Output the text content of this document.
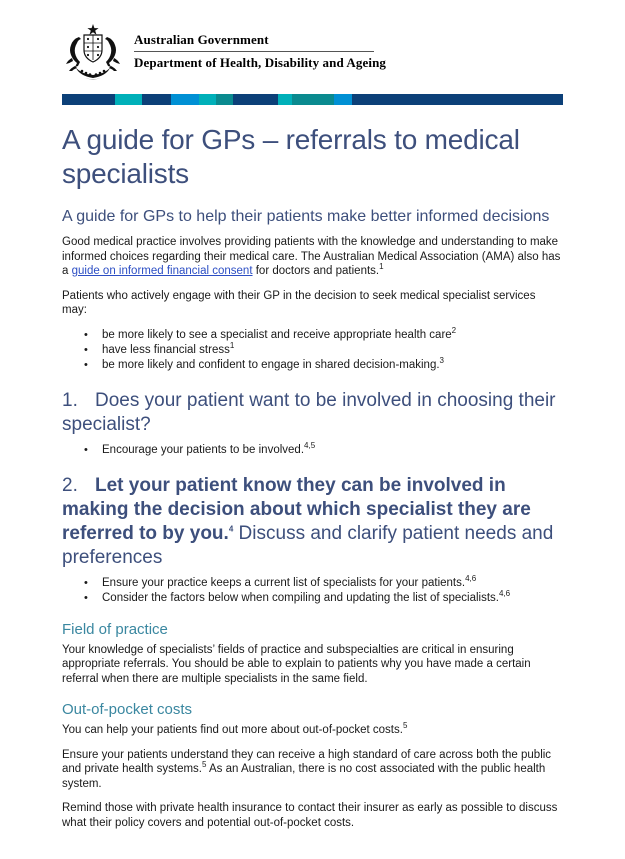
Australian Government
Department of Health, Disability and Ageing
A guide for GPs – referrals to medical specialists
A guide for GPs to help their patients make better informed decisions

Good medical practice involves providing patients with the knowledge and understanding to make informed choices regarding their medical care. The Australian Medical Association (AMA) also has a guide on informed financial consent for doctors and patients.$^1$

Patients who actively engage with their GP in the decision to seek medical specialist services may:

• be more likely to see a specialist and receive appropriate health care$^2$
• have less financial stress$^1$
• be more likely and confident to engage in shared decision-making.$^3$
1. Does your patient want to be involved in choosing their specialist?
• Encourage your patients to be involved.$^{4,5}$
2. Let your patient know they can be involved in making the decision about which specialist they are referred to by you.$^4$ Discuss and clarify patient needs and preferences
• Ensure your practice keeps a current list of specialists for your patients.$^{4,6}$
• Consider the factors below when compiling and updating the list of specialists.$^{4,6}$
Field of practice

Your knowledge of specialists’ fields of practice and subspecialties are critical in ensuring appropriate referrals. You should be able to explain to patients why you have made a certain referral when there are multiple specialists in the same field.

Out-of-pocket costs

You can help your patients find out more about out-of-pocket costs.$^5$

Ensure your patients understand they can receive a high standard of care across both the public and private health systems.$^5$ As an Australian, there is no cost associated with the public health system.

Remind those with private health insurance to contact their insurer as early as possible to discuss what their policy covers and potential out-of-pocket costs.
